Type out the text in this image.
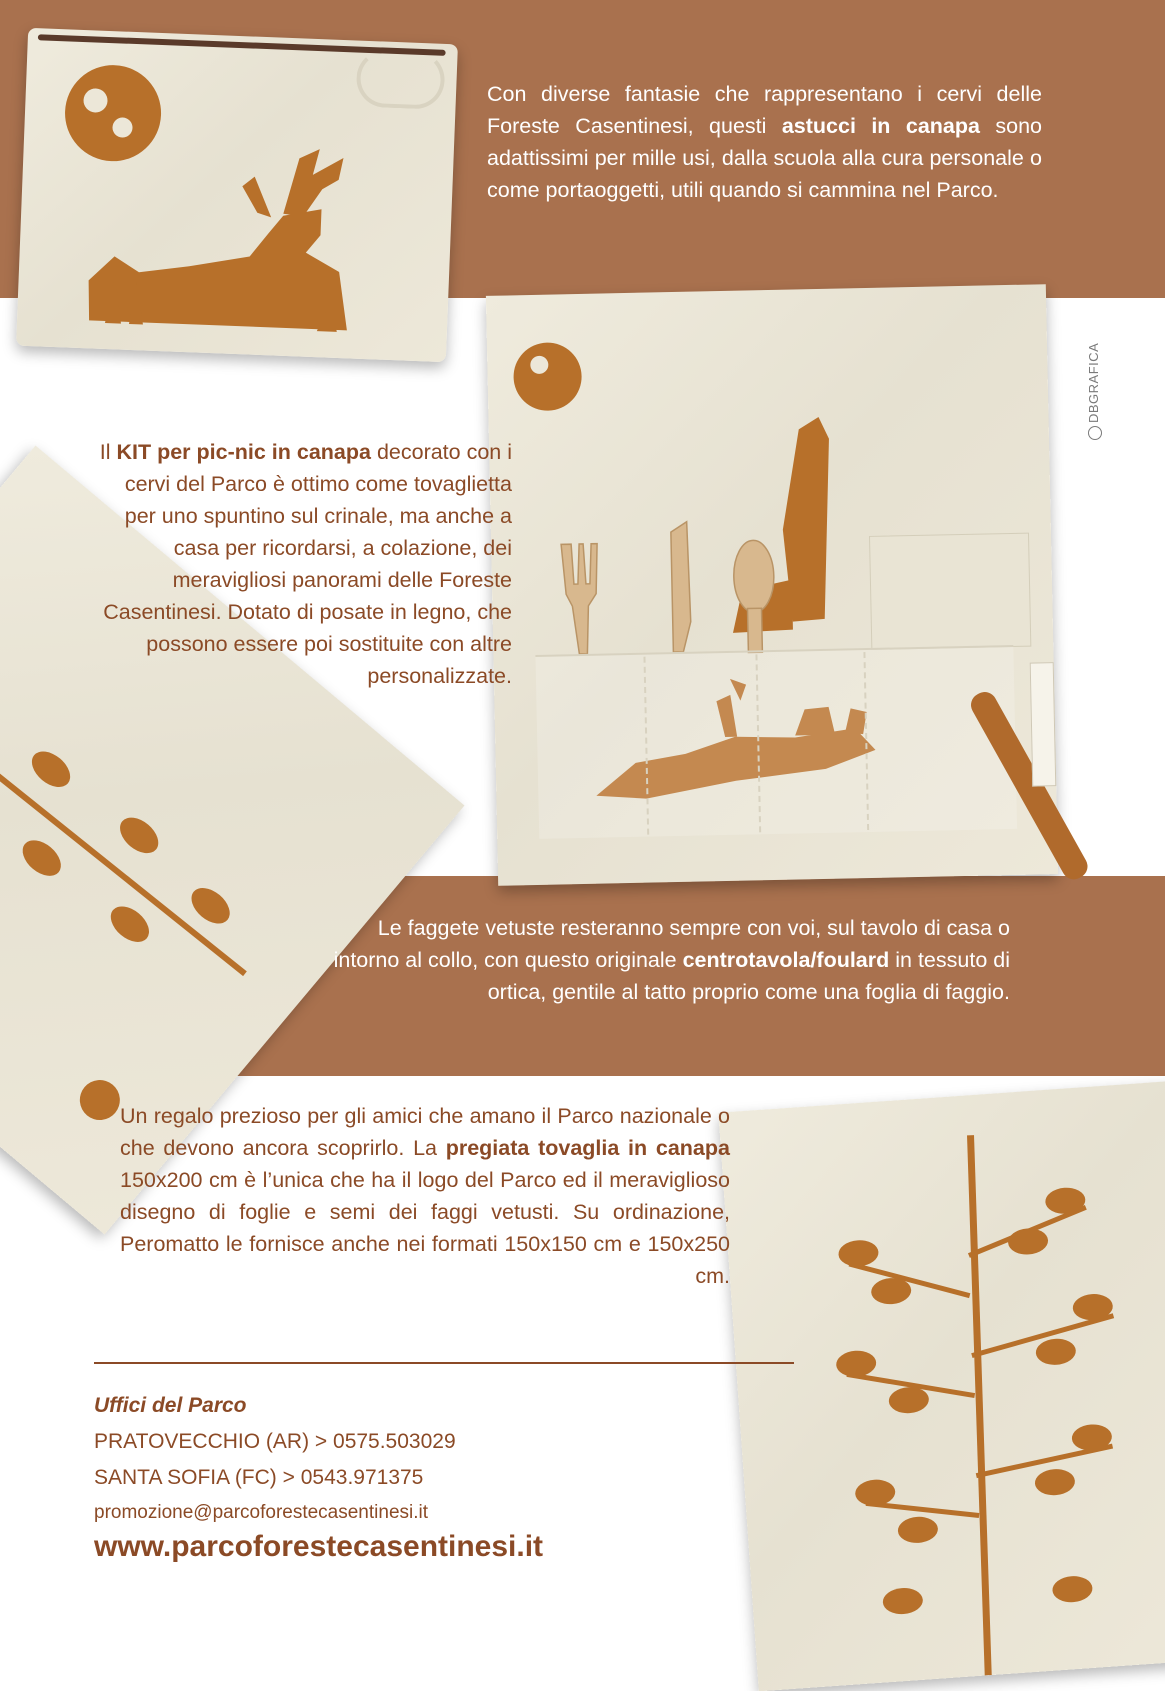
Con diverse fantasie che rappresentano i cervi delle Foreste Casentinesi, questi astucci in canapa sono adattissimi per mille usi, dalla scuola alla cura personale o come portaoggetti, utili quando si cammina nel Parco.
Il KIT per pic-nic in canapa decorato con i cervi del Parco è ottimo come tovaglietta per uno spuntino sul crinale, ma anche a casa per ricordarsi, a colazione, dei meravigliosi panorami delle Foreste Casentinesi. Dotato di posate in legno, che possono essere poi sostituite con altre personalizzate.
Le faggete vetuste resteranno sempre con voi, sul tavolo di casa o intorno al collo, con questo originale centrotavola/foulard in tessuto di ortica, gentile al tatto proprio come una foglia di faggio.
Un regalo prezioso per gli amici che amano il Parco nazionale o che devono ancora scoprirlo. La pregiata tovaglia in canapa 150x200 cm è l’unica che ha il logo del Parco ed il meraviglioso disegno di foglie e semi dei faggi vetusti. Su ordinazione, Peromatto le fornisce anche nei formati 150x150 cm e 150x250 cm.
Uffici del Parco
PRATOVECCHIO (AR) > 0575.503029
SANTA SOFIA (FC) > 0543.971375
promozione@parcoforestecasentinesi.it
www.parcoforestecasentinesi.it
DBGRAFICA
